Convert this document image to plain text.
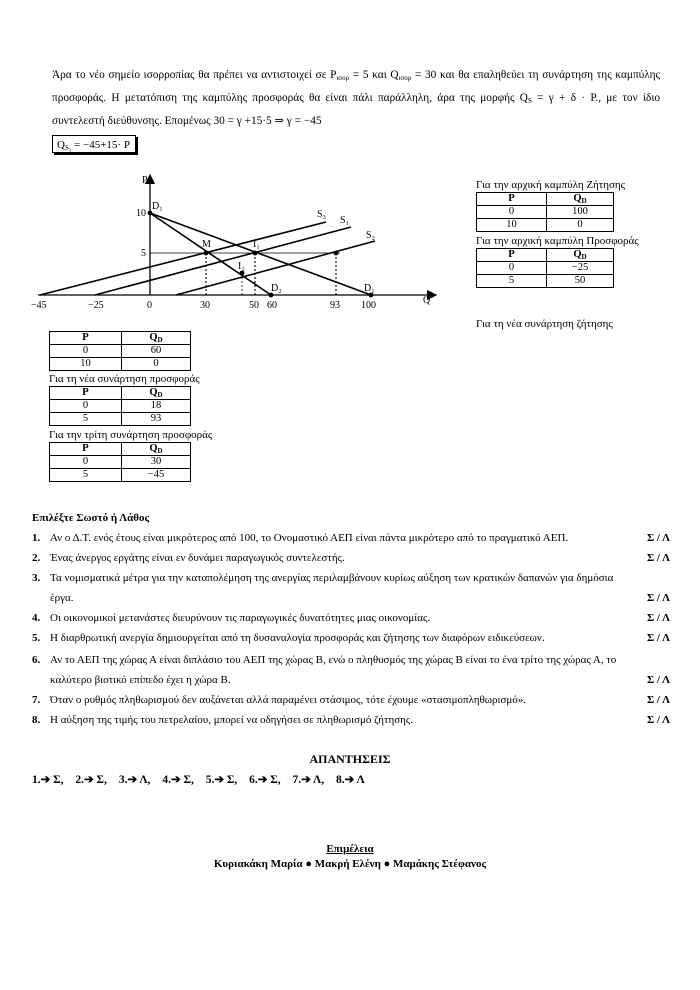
Άρα το νέο σημείο ισορροπίας θα πρέπει να αντιστοιχεί σε $P_{\iota\sigma o\rho} = 5$ και $Q_{\iota\sigma o\rho} = 30$ και θα επαληθεύει τη συνάρτηση της καμπύλης προσφοράς. Η μετατόπιση της καμπύλης προσφοράς θα είναι πάλι παράλληλη, άρα της μορφής $Q_S = \gamma + \delta \cdot P$., με τον ίδιο συντελεστή διεύθυνσης. Επομένως 30 = γ +15·5 ⇒ γ = −45
$Q_{S_3} = -45+15\cdot P$
P
Q
S₃
S₁
S₂
D₁
D₁
D₂
M	I₁
I₂
10
5
−45	−25	0	30	50 60	93 100
Για την αρχική καμπύλη Ζήτησης
P	$Q_D$
0	100
10	0
Για την αρχική καμπύλη Προσφοράς
P	$Q_D$
0	−25
5	50
Για τη νέα συνάρτηση ζήτησης
P	$Q_D$
0	60
10	0
Για τη νέα συνάρτηση προσφοράς
P	$Q_D$
0	18
5	93
Για την τρίτη συνάρτηση προσφοράς
P	$Q_D$
0	30
5	−45
Επιλέξτε Σωστό ή Λάθος
1. Αν ο Δ.Τ. ενός έτους είναι μικρότερος από 100, το Ονομαστικό ΑΕΠ είναι πάντα μικρότερο από το πραγματικό ΑΕΠ.	Σ / Λ
2. Ένας άνεργος εργάτης είναι εν δυνάμει παραγωγικός συντελεστής.	Σ / Λ
3. Τα νομισματικά μέτρα για την καταπολέμηση της ανεργίας περιλαμβάνουν κυρίως αύξηση των κρατικών δαπανών για δημόσια έργα.	Σ / Λ
4. Οι οικονομικοί μετανάστες διευρύνουν τις παραγωγικές δυνατότητες μιας οικονομίας.	Σ / Λ
5. Η διαρθρωτική ανεργία δημιουργείται από τη δυσαναλογία προσφοράς και ζήτησης των διαφόρων ειδικεύσεων.	Σ / Λ
6. Αν το ΑΕΠ της χώρας Α είναι διπλάσιο του ΑΕΠ της χώρας Β, ενώ ο πληθυσμός της χώρας Β είναι το ένα τρίτο της χώρας Α, το καλύτερο βιοτικό επίπεδο έχει η χώρα Β.	Σ / Λ
7. Όταν ο ρυθμός πληθωρισμού δεν αυξάνεται αλλά παραμένει στάσιμος, τότε έχουμε «στασιμοπληθωρισμό».	Σ / Λ
8. Η αύξηση της τιμής του πετρελαίου, μπορεί να οδηγήσει σε πληθωρισμό ζήτησης.	Σ / Λ
ΑΠΑΝΤΗΣΕΙΣ
1.➔ Σ, 2.➔ Σ, 3.➔ Λ, 4.➔ Σ, 5.➔ Σ, 6.➔ Σ, 7.➔ Λ, 8.➔ Λ
Επιμέλεια
Κυριακάκη Μαρία ● Μακρή Ελένη ● Μαμάκης Στέφανος
